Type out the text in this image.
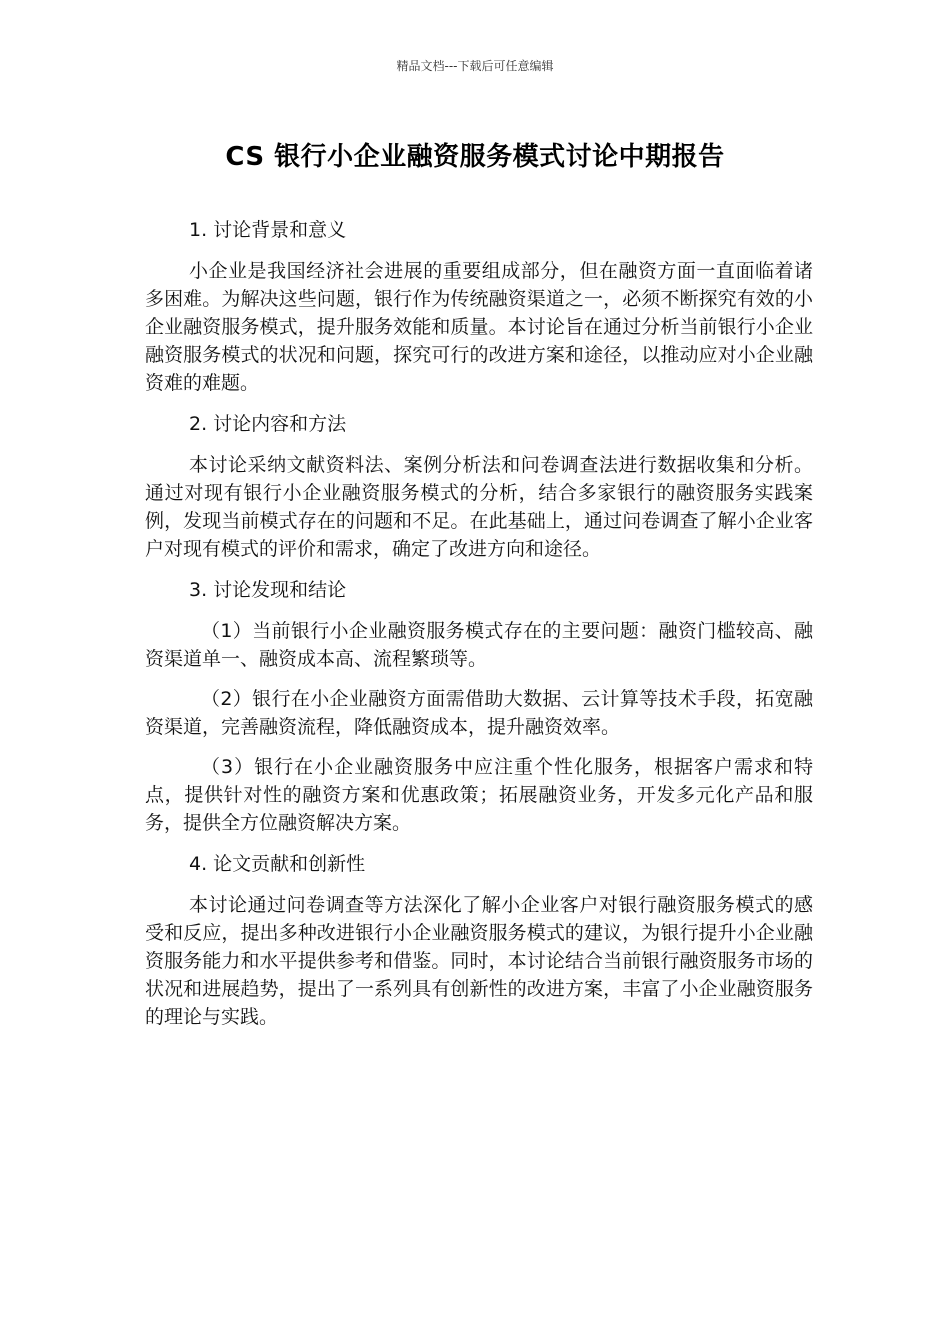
精品文档---下载后可任意编辑
CS 银行小企业融资服务模式讨论中期报告

1. 讨论背景和意义

小企业是我国经济社会进展的重要组成部分，但在融资方面一直面临着诸多困难。为解决这些问题，银行作为传统融资渠道之一，必须不断探究有效的小企业融资服务模式，提升服务效能和质量。本讨论旨在通过分析当前银行小企业融资服务模式的状况和问题，探究可行的改进方案和途径，以推动应对小企业融资难的难题。

2. 讨论内容和方法

本讨论采纳文献资料法、案例分析法和问卷调查法进行数据收集和分析。通过对现有银行小企业融资服务模式的分析，结合多家银行的融资服务实践案例，发现当前模式存在的问题和不足。在此基础上，通过问卷调查了解小企业客户对现有模式的评价和需求，确定了改进方向和途径。

3. 讨论发现和结论

（1）当前银行小企业融资服务模式存在的主要问题：融资门槛较高、融资渠道单一、融资成本高、流程繁琐等。

（2）银行在小企业融资方面需借助大数据、云计算等技术手段，拓宽融资渠道，完善融资流程，降低融资成本，提升融资效率。

（3）银行在小企业融资服务中应注重个性化服务，根据客户需求和特点，提供针对性的融资方案和优惠政策；拓展融资业务，开发多元化产品和服务，提供全方位融资解决方案。

4. 论文贡献和创新性

本讨论通过问卷调查等方法深化了解小企业客户对银行融资服务模式的感受和反应，提出多种改进银行小企业融资服务模式的建议，为银行提升小企业融资服务能力和水平提供参考和借鉴。同时，本讨论结合当前银行融资服务市场的状况和进展趋势，提出了一系列具有创新性的改进方案，丰富了小企业融资服务的理论与实践。
